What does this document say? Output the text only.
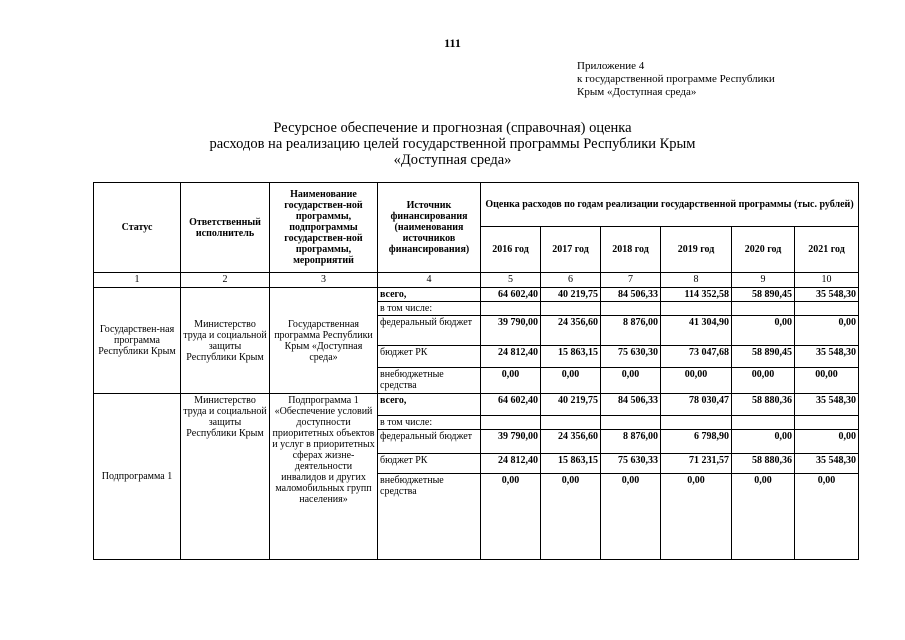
111
Приложение 4
к государственной программе Республики
Крым «Доступная среда»
Ресурсное обеспечение и прогнозная (справочная) оценка
расходов на реализацию целей государственной программы Республики Крым
«Доступная среда»
Статус	Ответственный исполнитель	Наименование государствен-ной программы, подпрограммы государствен-ной программы, мероприятий	Источник финансирования (наименования источников финансирования)	Оценка расходов по годам реализации государственной программы (тыс. рублей)					
				2016 год	2017 год	2018 год	2019 год	2020 год	2021 год
1	2	3	4	5	6	7	8	9	10
Государствен-ная программа Республики Крым	Министерство труда и социальной защиты Республики Крым	Государственная программа Республики Крым «Доступная среда»	всего,	64 602,40	40 219,75	84 506,33	114 352,58	58 890,45	35 548,30
			в том числе:						
			федеральный бюджет	39 790,00	24 356,60	8 876,00	41 304,90	0,00	0,00
			бюджет РК	24 812,40	15 863,15	75 630,30	73 047,68	58 890,45	35 548,30
			внебюджетные средства	0,00	0,00	0,00	00,00	00,00	00,00
Подпрограмма 1	Министерство труда и социальной защиты Республики Крым	Подпрограмма 1 «Обеспечение условий доступности приоритетных объектов и услуг в приоритетных сферах жизне-деятельности инвалидов и других маломобильных групп населения»	всего,	64 602,40	40 219,75	84 506,33	78 030,47	58 880,36	35 548,30
			в том числе:						
			федеральный бюджет	39 790,00	24 356,60	8 876,00	6 798,90	0,00	0,00
			бюджет РК	24 812,40	15 863,15	75 630,33	71 231,57	58 880,36	35 548,30
			внебюджетные средства	0,00	0,00	0,00	0,00	0,00	0,00
